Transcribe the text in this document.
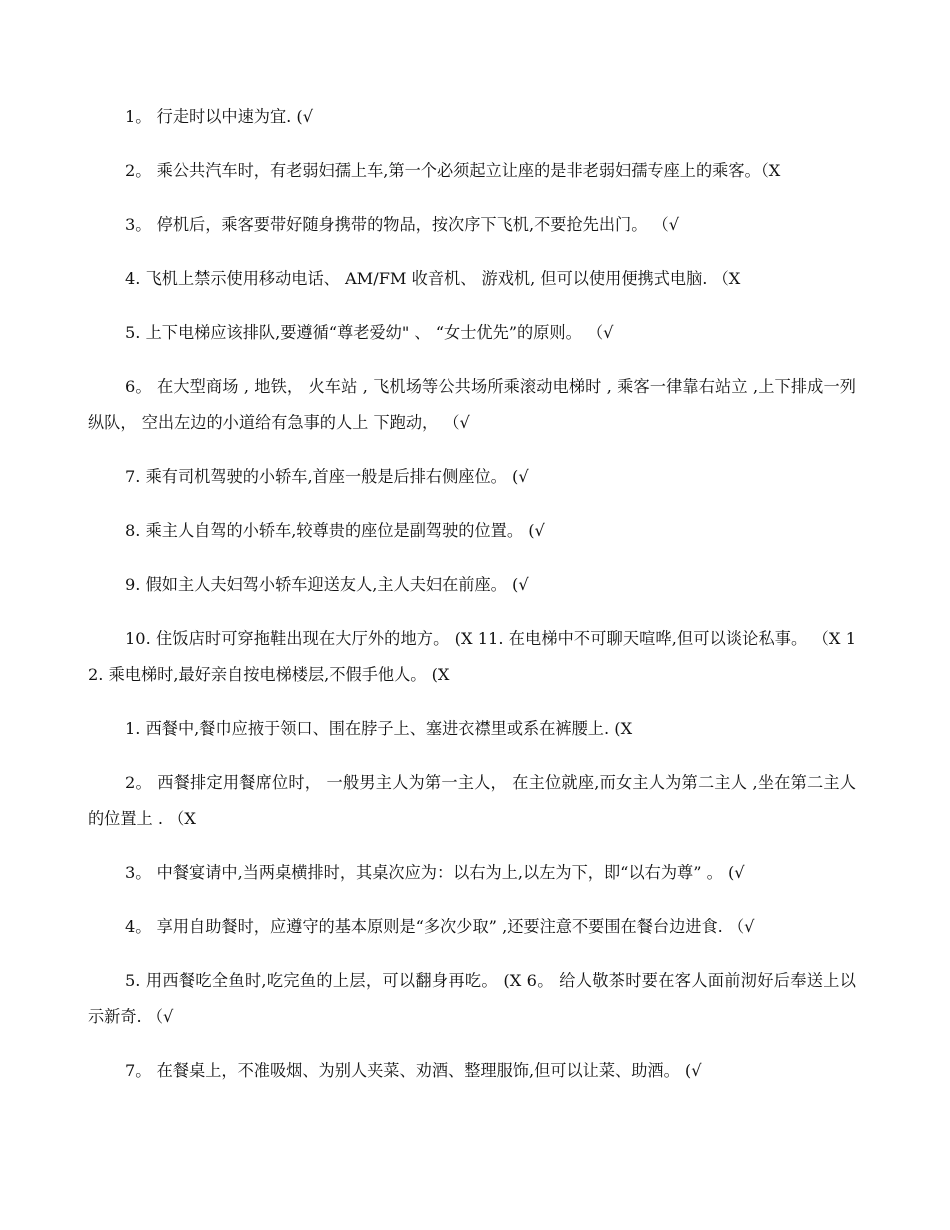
1。 行走时以中速为宜. (√

2。 乘公共汽车时，有老弱妇孺上车,第一个必须起立让座的是非老弱妇孺专座上的乘客。（X

3。 停机后，乘客要带好随身携带的物品，按次序下飞机,不要抢先出门。 （√

4. 飞机上禁示使用移动电话、 AM/FM 收音机、 游戏机, 但可以使用便携式电脑. （X

5. 上下电梯应该排队,要遵循“尊老爱幼" 、 “女士优先”的原则。 （√

6。 在大型商场 , 地铁， 火车站 , 飞机场等公共场所乘滚动电梯时 , 乘客一律靠右站立 ,上下排成一列纵队， 空出左边的小道给有急事的人上 下跑动， （√

7. 乘有司机驾驶的小轿车,首座一般是后排右侧座位。 (√

8. 乘主人自驾的小轿车,较尊贵的座位是副驾驶的位置。 (√

9. 假如主人夫妇驾小轿车迎送友人,主人夫妇在前座。 (√

10. 住饭店时可穿拖鞋出现在大厅外的地方。 (X 11. 在电梯中不可聊天喧哗,但可以谈论私事。 （X 12. 乘电梯时,最好亲自按电梯楼层,不假手他人。 (X

1. 西餐中,餐巾应掖于领口、围在脖子上、塞进衣襟里或系在裤腰上. (X

2。 西餐排定用餐席位时， 一般男主人为第一主人， 在主位就座,而女主人为第二主人 ,坐在第二主人的位置上 . （X

3。 中餐宴请中,当两桌横排时，其桌次应为：以右为上,以左为下，即“以右为尊” 。 (√

4。 享用自助餐时，应遵守的基本原则是“多次少取” ,还要注意不要围在餐台边进食. （√

5. 用西餐吃全鱼时,吃完鱼的上层，可以翻身再吃。 (X 6。 给人敬茶时要在客人面前沏好后奉送上以示新奇. （√

7。 在餐桌上，不准吸烟、为别人夹菜、劝酒、整理服饰,但可以让菜、助酒。 (√
